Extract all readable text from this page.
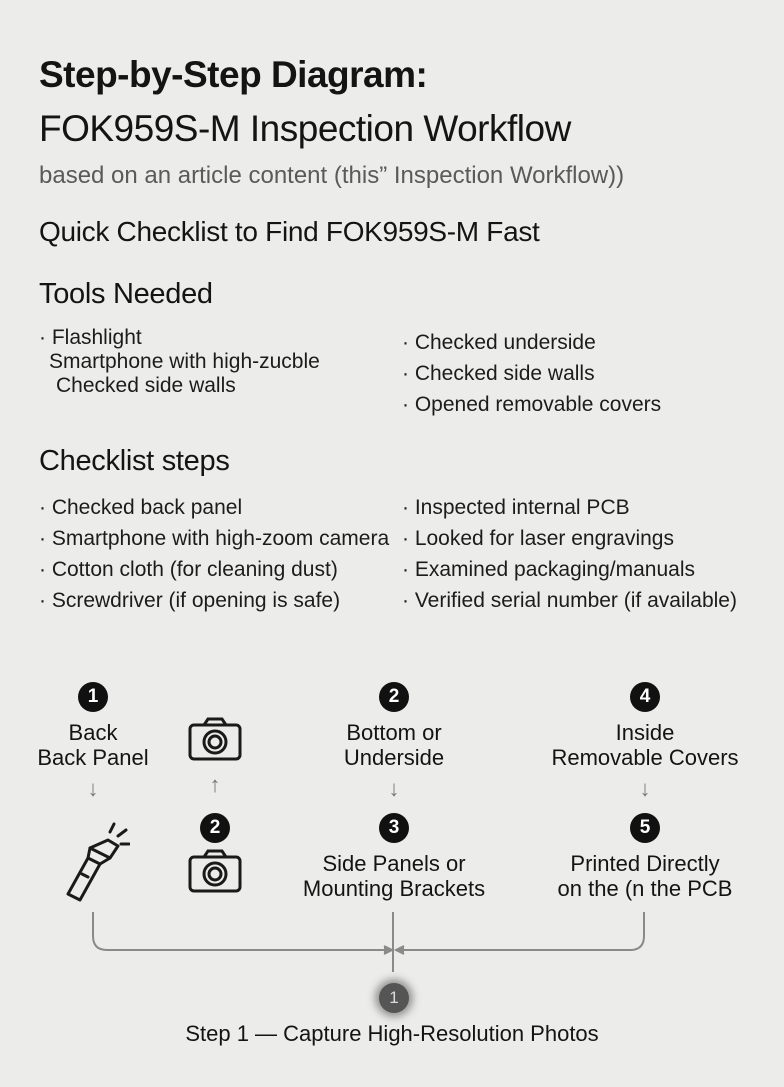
Step-by-Step Diagram:
FOK959S-M Inspection Workflow
based on an article content (this” Inspection Workflow))
Quick Checklist to Find FOK959S-M Fast
Tools Needed
· Flashlight
Smartphone with high-zucble
Checked side walls
· Checked underside
· Checked side walls
· Opened removable covers
Checklist steps
· Checked back panel
· Smartphone with high-zoom camera
· Cotton cloth (for cleaning dust)
· Screwdriver (if opening is safe)
· Inspected internal PCB
· Looked for laser engravings
· Examined packaging/manuals
· Verified serial number (if available)
1
Back
Back Panel
↓	↑
2
2
Bottom or
Underside
↓
3
Side Panels or
Mounting Brackets
4
Inside
Removable Covers
↓
5
Printed Directly
on the (n the PCB
1
Step 1 — Capture High-Resolution Photos
